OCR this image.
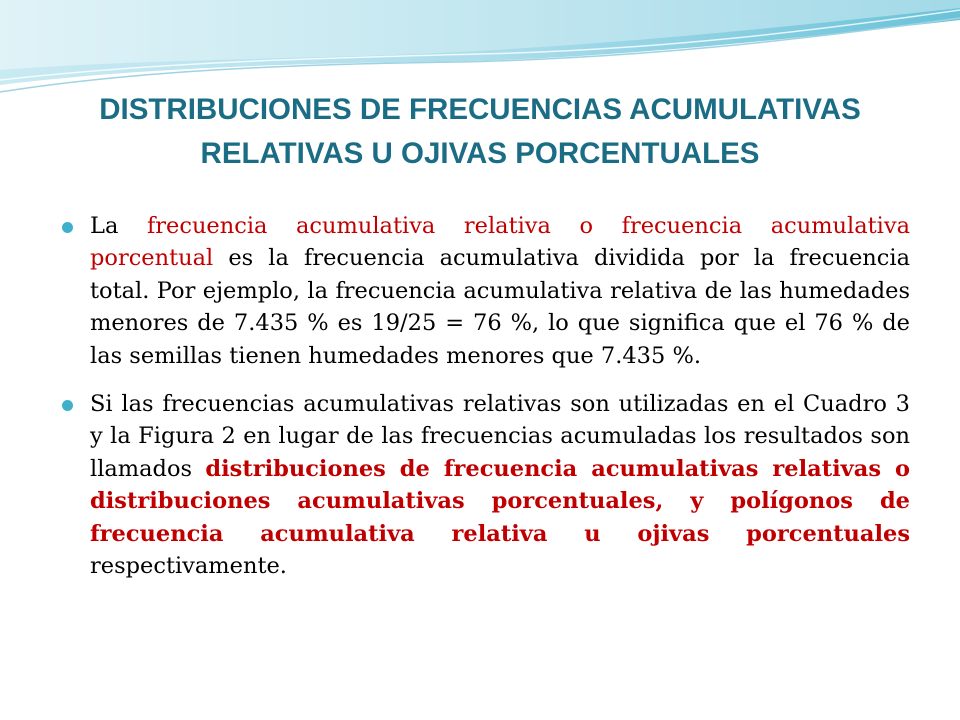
DISTRIBUCIONES DE FRECUENCIAS ACUMULATIVAS
RELATIVAS U OJIVAS PORCENTUALES
La frecuencia acumulativa relativa o frecuencia acumulativa porcentual es la frecuencia acumulativa dividida por la frecuencia total. Por ejemplo, la frecuencia acumulativa relativa de las humedades menores de 7.435 % es 19/25 = 76 %, lo que significa que el 76 % de las semillas tienen humedades menores que 7.435 %.
Si las frecuencias acumulativas relativas son utilizadas en el Cuadro 3 y la Figura 2 en lugar de las frecuencias acumuladas los resultados son llamados distribuciones de frecuencia acumulativas relativas o distribuciones acumulativas porcentuales, y polígonos de frecuencia acumulativa relativa u ojivas porcentuales respectivamente.
